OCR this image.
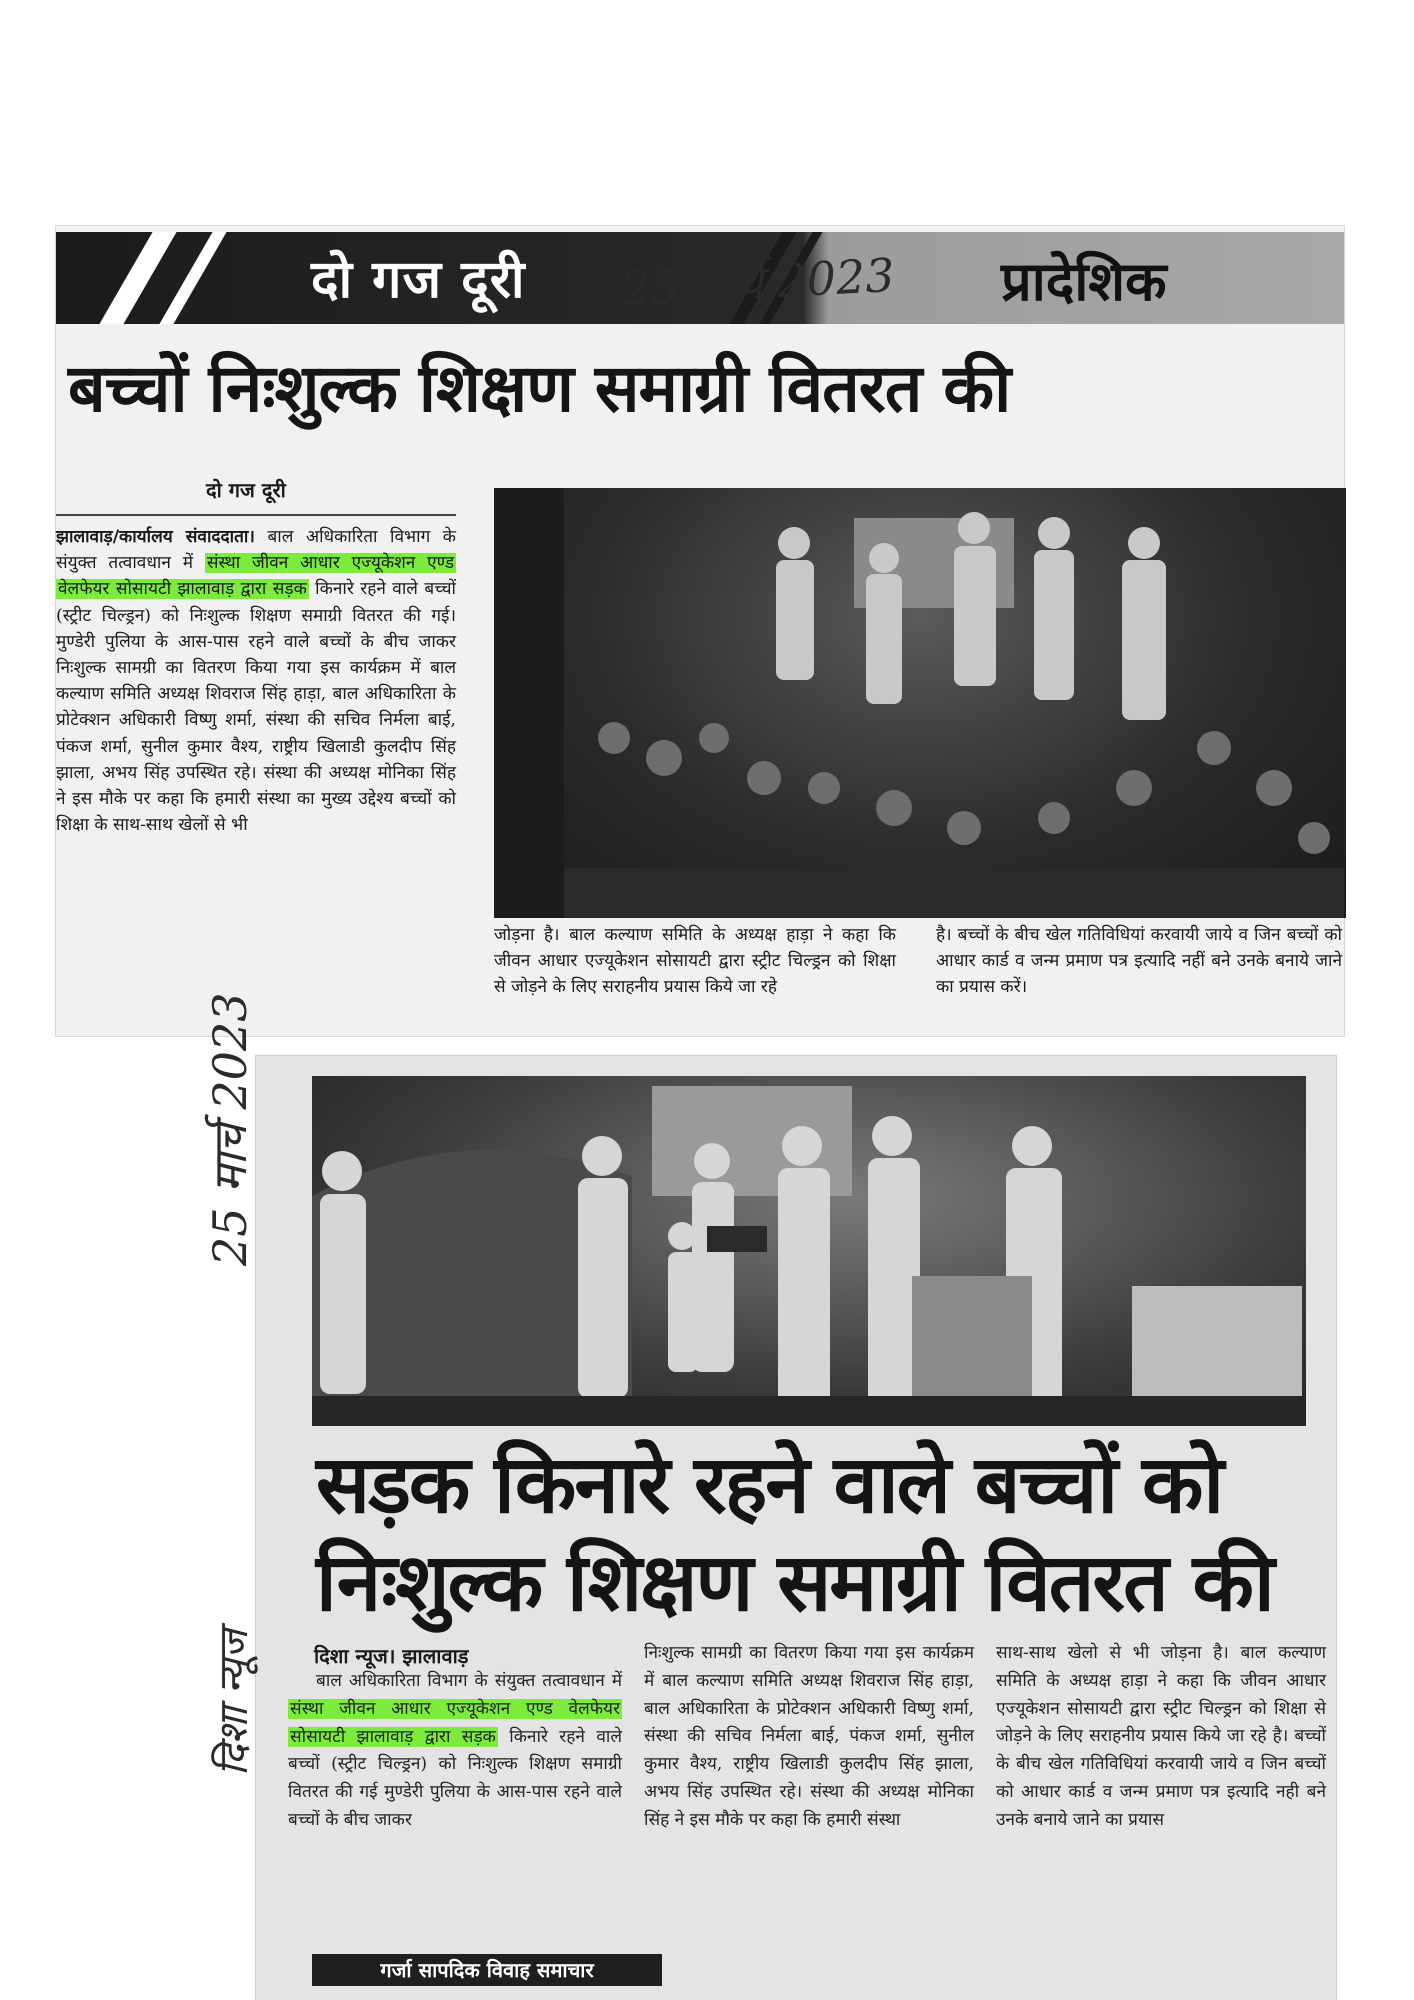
दो गज दूरी 25 मार्च 2023 प्रादेशिक
बच्चों निःशुल्क शिक्षण समाग्री वितरत की
दो गज दूरी
झालावाड़/कार्यालय संवाददाता। बाल अधिकारिता विभाग के संयुक्त तत्वावधान में संस्था जीवन आधार एज्यूकेशन एण्ड वेलफेयर सोसायटी झालावाड़ द्वारा सड़क किनारे रहने वाले बच्चों (स्ट्रीट चिल्ड्रन) को निःशुल्क शिक्षण समाग्री वितरत की गई। मुण्डेरी पुलिया के आस-पास रहने वाले बच्चों के बीच जाकर निःशुल्क सामग्री का वितरण किया गया इस कार्यक्रम में बाल कल्याण समिति अध्यक्ष शिवराज सिंह हाड़ा, बाल अधिकारिता के प्रोटेक्शन अधिकारी विष्णु शर्मा, संस्था की सचिव निर्मला बाई, पंकज शर्मा, सुनील कुमार वैश्य, राष्ट्रीय खिलाडी कुलदीप सिंह झाला, अभय सिंह उपस्थित रहे। संस्था की अध्यक्ष मोनिका सिंह ने इस मौके पर कहा कि हमारी संस्था का मुख्य उद्देश्य बच्चों को शिक्षा के साथ-साथ खेलों से भी
जोड़ना है। बाल कल्याण समिति के अध्यक्ष हाड़ा ने कहा कि जीवन आधार एज्यूकेशन सोसायटी द्वारा स्ट्रीट चिल्ड्रन को शिक्षा से जोड़ने के लिए सराहनीय प्रयास किये जा रहे
है। बच्चों के बीच खेल गतिविधियां करवायी जाये व जिन बच्चों को आधार कार्ड व जन्म प्रमाण पत्र इत्यादि नहीं बने उनके बनाये जाने का प्रयास करें।
25 मार्च 2023
दिशा न्यूज
सड़क किनारे रहने वाले बच्चों को
निःशुल्क शिक्षण समाग्री वितरत की
दिशा न्यूज। झालावाड़
बाल अधिकारिता विभाग के संयुक्त तत्वावधान में संस्था जीवन आधार एज्यूकेशन एण्ड वेलफेयर सोसायटी झालावाड़ द्वारा सड़क किनारे रहने वाले बच्चों (स्ट्रीट चिल्ड्रन) को निःशुल्क शिक्षण समाग्री वितरत की गई मुण्डेरी पुलिया के आस-पास रहने वाले बच्चों के बीच जाकर
निःशुल्क सामग्री का वितरण किया गया इस कार्यक्रम में बाल कल्याण समिति अध्यक्ष शिवराज सिंह हाड़ा, बाल अधिकारिता के प्रोटेक्शन अधिकारी विष्णु शर्मा, संस्था की सचिव निर्मला बाई, पंकज शर्मा, सुनील कुमार वैश्य, राष्ट्रीय खिलाडी कुलदीप सिंह झाला, अभय सिंह उपस्थित रहे। संस्था की अध्यक्ष मोनिका सिंह ने इस मौके पर कहा कि हमारी संस्था
साथ-साथ खेलो से भी जोड़ना है। बाल कल्याण समिति के अध्यक्ष हाड़ा ने कहा कि जीवन आधार एज्यूकेशन सोसायटी द्वारा स्ट्रीट चिल्ड्रन को शिक्षा से जोड़ने के लिए सराहनीय प्रयास किये जा रहे है। बच्चों के बीच खेल गतिविधियां करवायी जाये व जिन बच्चों को आधार कार्ड व जन्म प्रमाण पत्र इत्यादि नही बने उनके बनाये जाने का प्रयास
गर्जा सापदिक विवाह समाचार
